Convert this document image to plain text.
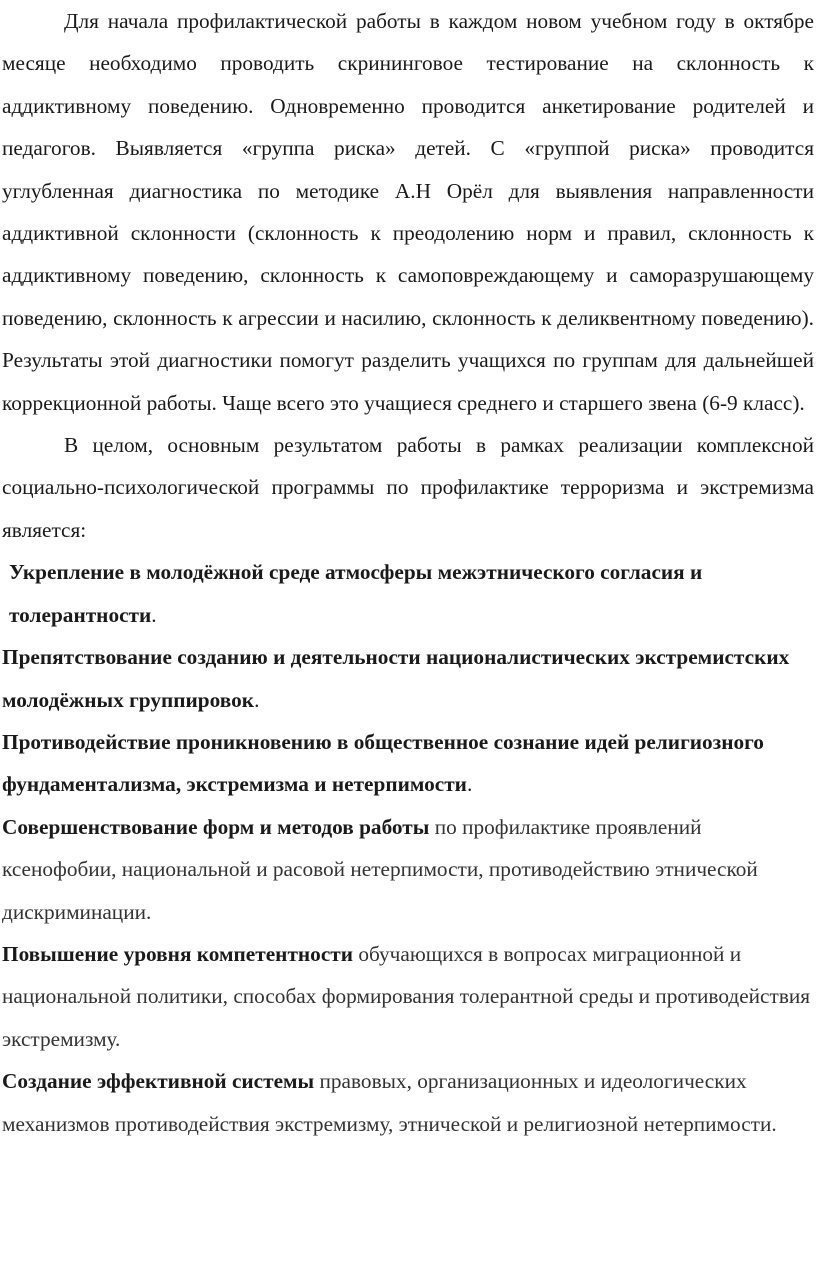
Для начала профилактической работы в каждом новом учебном году в октябре месяце необходимо проводить скрининговое тестирование на склонность к аддиктивному поведению. Одновременно проводится анкетирование родителей и педагогов. Выявляется «группа риска» детей. С «группой риска» проводится углубленная диагностика по методике А.Н Орёл для выявления направленности аддиктивной склонности (склонность к преодолению норм и правил, склонность к аддиктивному поведению, склонность к самоповреждающему и саморазрушающему поведению, склонность к агрессии и насилию, склонность к деликвентному поведению). Результаты этой диагностики помогут разделить учащихся по группам для дальнейшей коррекционной работы. Чаще всего это учащиеся среднего и старшего звена (6-9 класс).

В целом, основным результатом работы в рамках реализации комплексной социально-психологической программы по профилактике терроризма и экстремизма является:

Укрепление в молодёжной среде атмосферы межэтнического согласия и толерантности.

Препятствование созданию и деятельности националистических экстремистских молодёжных группировок.

Противодействие проникновению в общественное сознание идей религиозного фундаментализма, экстремизма и нетерпимости.

Совершенствование форм и методов работы по профилактике проявлений ксенофобии, национальной и расовой нетерпимости, противодействию этнической дискриминации.

Повышение уровня компетентности обучающихся в вопросах миграционной и национальной политики, способах формирования толерантной среды и противодействия экстремизму.

Создание эффективной системы правовых, организационных и идеологических механизмов противодействия экстремизму, этнической и религиозной нетерпимости.
